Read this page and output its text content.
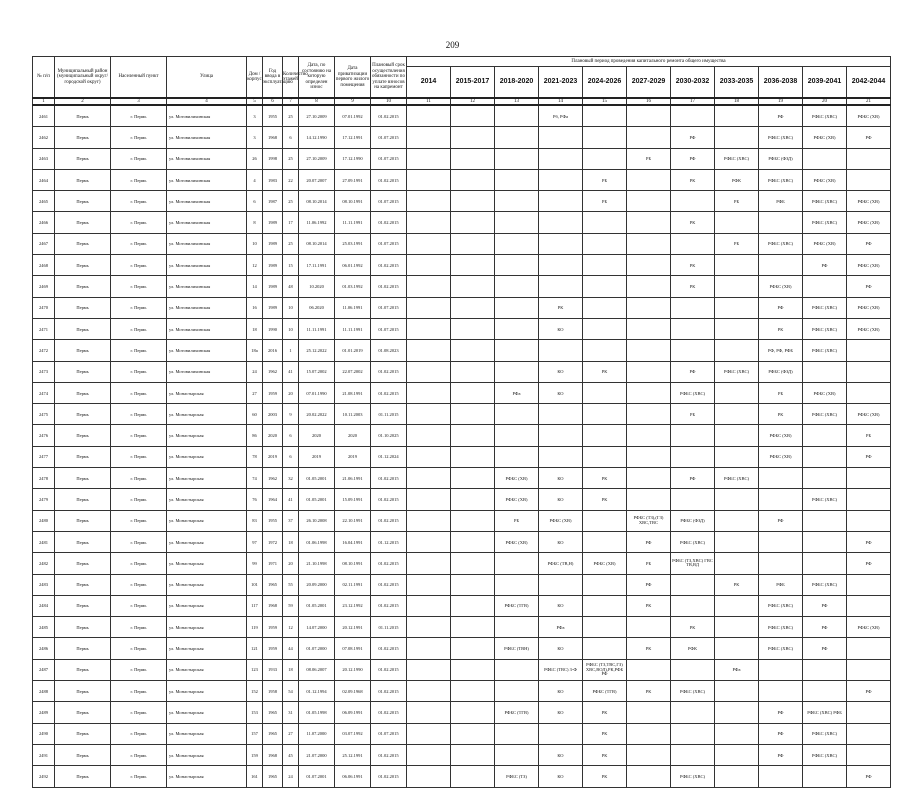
209
№ п/п	Муниципальный район (муниципальный округ/городской округ)	Населенный пункт	Улица	Дом / корпус	Год ввода в эксплуатацию	Количество этажей	Дата, по состоянию на которую определен износ	Дата приватизации первого жилого помещения	Плановый срок осуществления обязанности по уплате взносов на капремонт	Плановый период проведения капитального ремонта общего имущества										
										2014	2015-2017	2018-2020	2021-2023	2024-2026	2027-2029	2030-2032	2033-2035	2036-2038	2039-2041	2042-2044
1	2	3	4	5	6	7	8	9	10	11	12	13	14	15	16	17	18	19	20	21
2461	Пермь	г. Пермь	ул. Мотовилихинская	3	1955	25	27.10.2009	07.01.1992	01.02.2015				Рб, РФа					РФ	РФБС (ХВС)	РФБС (ХВ)
2462	Пермь	г. Пермь	ул. Мотовилихинская	3	1968	6	14.12.1990	17.12.1991	01.07.2015							РФ		РФБС (ХВС)	РФБС (ХВ)	РФ
2463	Пермь	г. Пермь	ул. Мотовилихинская	26	1998	25	27.10.2009	17.12.1990	01.07.2015						РБ	РФ	РФБС (ХВС)	РФБС (ФЗД)		
2464	Пермь	г. Пермь	ул. Мотовилихинская	4	1983	22	20.07.2007	27.09.1991	01.02.2015					РБ		РК	РФК	РФБС (ХВС)	РФБС (ХВ)	
2465	Пермь	г. Пермь	ул. Мотовилихинская	6	1987	25	08.10.2014	08.10.1991	01.07.2015					РБ			РБ	РФБ	РФБС (ХВС)	РФБС (ХВ)
2466	Пермь	г. Пермь	ул. Мотовилихинская	8	1989	17	11.06.1992	11.11.1991	01.02.2015							РК			РФБС (ХВС)	РФБС (ХВ)
2467	Пермь	г. Пермь	ул. Мотовилихинская	10	1989	25	08.10.2014	25.03.1991	01.07.2015								РБ	РФБС (ХВС)	РФБС (ХВ)	РФ
2468	Пермь	г. Пермь	ул. Мотовилихинская	12	1989	15	17.11.1991	06.01.1992	01.02.2015							РК			РФ	РФБС (ХВ)
2469	Пермь	г. Пермь	ул. Мотовилихинская	14	1989	48	10.2020	01.03.1992	01.02.2015							РК		РФБС (ХВ)		РФ
2470	Пермь	г. Пермь	ул. Мотовилихинская	16	1989	10	06.2020	11.06.1991	01.07.2015				РК					РФ	РФБС (ХВС)	РФБС (ХВ)
2471	Пермь	г. Пермь	ул. Мотовилихинская	18	1990	10	11.11.1991	11.11.1991	01.07.2015				КО					РК	РФБС (ХВС)	РФБС (ХВ)
2472	Пермь	г. Пермь	ул. Мотовилихинская	18а	2016	1	25.12.2022	01.01.2019	01.08.2023									РФ, РФ, РФБ	РФБС (ХВС)	
2473	Пермь	г. Пермь	ул. Мотовилихинская	24	1962	41	15.07.2002	22.07.2002	01.02.2015				КО	РК		РФ	РФБС (ХВС)	РФБС (ФЗД)		
2474	Пермь	г. Пермь	ул. Монастырская	27	1959	20	07.01.1990	21.08.1991	01.02.2015			РФа	КО			РФБС (ХВС)		РБ	РФБС (ХВ)	
2475	Пермь	г. Пермь	ул. Монастырская	60	2003	9	20.02.2022	10.11.2003	01.11.2015							РБ		РК	РФБС (ХВС)	РФБС (ХВ)
2476	Пермь	г. Пермь	ул. Монастырская	86	2020	6	2020	2020	01.10.2025									РФБС (ХВ)		РБ
2477	Пермь	г. Пермь	ул. Монастырская	78	2019	6	2019	2019	01.12.2024									РФБС (ХВ)		РФ
2478	Пермь	г. Пермь	ул. Монастырская	74	1962	32	01.05.2001	21.06.1991	01.02.2015			РФБС (ХВ)	КО	РК		РФ	РФБС (ХВС)			
2479	Пермь	г. Пермь	ул. Монастырская	76	1964	41	01.05.2001	15.09.1991	01.02.2015			РФБС (ХВ)	КО	РК					РФБС (ХВС)	
2480	Пермь	г. Пермь	ул. Монастырская	83	1955	37	26.10.2008	22.10.1991	01.02.2015			РБ	РФБС (ХВ)		РФБС (ТЗ),(ГЗ) ХВС,ТВС	РФБС (ФЗД)		РФ		
2481	Пермь	г. Пермь	ул. Монастырская	97	1972	18	01.06.1998	16.04.1991	01.12.2015			РФБС (ХВ)	КО		РФ	РФБС (ХВС)				РФ
2482	Пермь	г. Пермь	ул. Монастырская	99	1971	20	21.10.1998	08.10.1991	01.02.2015				РФБС (ТВ,Н)	РФБС (ХВ)	РБ	РФБС (ТЗ,ХВС) ГВС ТВ,ВД				РФ
2483	Пермь	г. Пермь	ул. Монастырская	101	1965	55	20.09.2000	02.11.1991	01.02.2015						РФ		РК	РФБ	РФБС (ХВС)	
2484	Пермь	г. Пермь	ул. Монастырская	117	1968	59	01.05.2001	23.12.1992	01.02.2015			РФБС (ТГВ)	КО		РК			РФБС (ХВС)	РФ	
2485	Пермь	г. Пермь	ул. Монастырская	119	1959	12	14.07.2000	20.12.1991	01.11.2015				РФа			РК		РФБС (ХВС)	РФ	РФБС (ХВ)
2486	Пермь	г. Пермь	ул. Монастырская	121	1959	44	01.07.2000	07.08.1991	01.02.2015			РФБС (ТВН)	КО		РК	РФК		РФБС (ХВС)	РФ	
2487	Пермь	г. Пермь	ул. Монастырская	123	1933	18	08.06.2007	20.12.1990	01.02.2015				РФБС (ТВС) 3-Ф	РФБС (ТЗ,ТВС,ГЗ) ХВС,ВОД),РК,РФБ РФ			РФа			
2488	Пермь	г. Пермь	ул. Монастырская	152	1958	54	01.12.1994	02.09.1968	01.02.2015				КО	РФБС (ТГВ)	РК	РФБС (ХВС)				РФ
2489	Пермь	г. Пермь	ул. Монастырская	153	1965	31	01.05.1998	06.09.1991	01.02.2015			РФБС (ТГВ)	КО	РК				РФ	РФБС (ХВС) РФБ	
2490	Пермь	г. Пермь	ул. Монастырская	157	1965	27	11.07.2000	03.07.1992	01.07.2015					РК				РФ	РФБС (ХВС)	
2491	Пермь	г. Пермь	ул. Монастырская	159	1968	45	21.07.2000	25.12.1991	01.02.2015				КО	РК				РФ	РФБС (ХВС)	
2492	Пермь	г. Пермь	ул. Монастырская	161	1965	24	01.07.2001	06.06.1991	01.02.2015			РФБС (ТЗ)	КО	РК		РФБС (ХВС)				РФ
